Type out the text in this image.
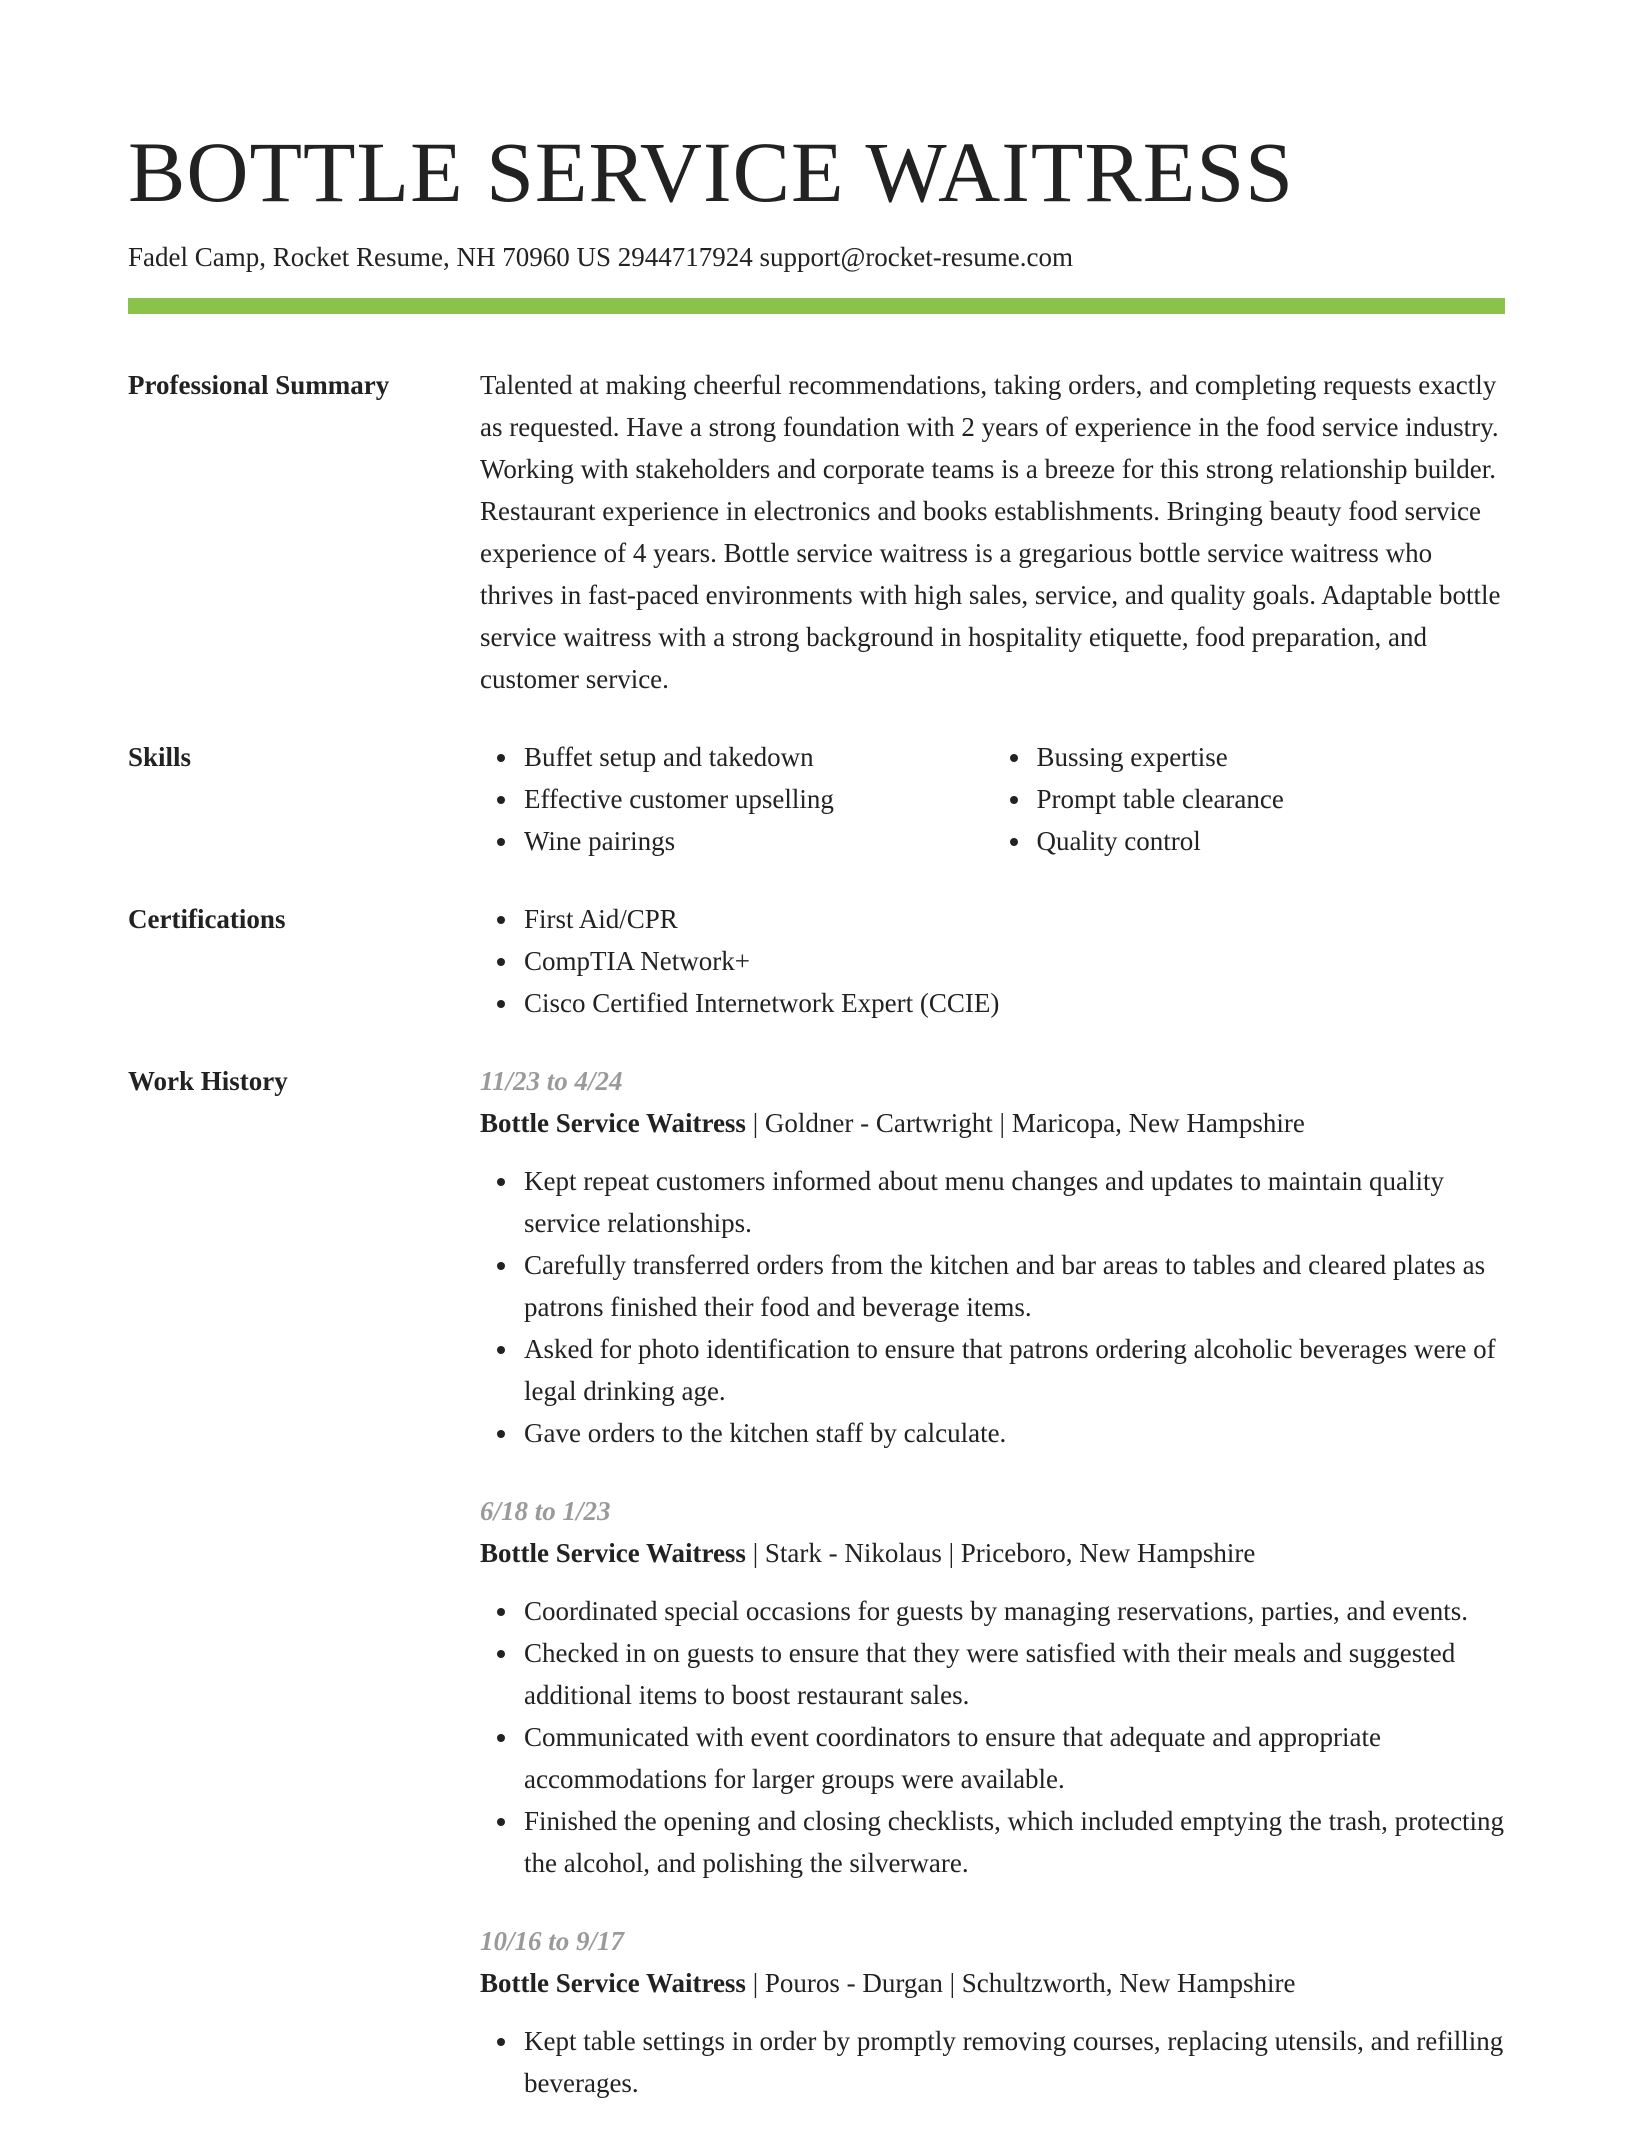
BOTTLE SERVICE WAITRESS
Fadel Camp, Rocket Resume, NH 70960 US 2944717924 support@rocket-resume.com
Professional Summary	Talented at making cheerful recommendations, taking orders, and completing requests exactly as requested. Have a strong foundation with 2 years of experience in the food service industry. Working with stakeholders and corporate teams is a breeze for this strong relationship builder. Restaurant experience in electronics and books establishments. Bringing beauty food service experience of 4 years. Bottle service waitress is a gregarious bottle service waitress who thrives in fast-paced environments with high sales, service, and quality goals. Adaptable bottle service waitress with a strong background in hospitality etiquette, food preparation, and customer service.

Skills	Buffet setup and takedown
Effective customer upselling
Wine pairings
Bussing expertise
Prompt table clearance
Quality control
Certifications	First Aid/CPR
CompTIA Network+
Cisco Certified Internetwork Expert (CCIE)
Work History	11/23 to 4/24
Bottle Service Waitress | Goldner - Cartwright | Maricopa, New Hampshire
Kept repeat customers informed about menu changes and updates to maintain quality service relationships.
Carefully transferred orders from the kitchen and bar areas to tables and cleared plates as patrons finished their food and beverage items.
Asked for photo identification to ensure that patrons ordering alcoholic beverages were of legal drinking age.
Gave orders to the kitchen staff by calculate.
6/18 to 1/23
Bottle Service Waitress | Stark - Nikolaus | Priceboro, New Hampshire
Coordinated special occasions for guests by managing reservations, parties, and events.
Checked in on guests to ensure that they were satisfied with their meals and suggested additional items to boost restaurant sales.
Communicated with event coordinators to ensure that adequate and appropriate accommodations for larger groups were available.
Finished the opening and closing checklists, which included emptying the trash, protecting the alcohol, and polishing the silverware.
10/16 to 9/17
Bottle Service Waitress | Pouros - Durgan | Schultzworth, New Hampshire
Kept table settings in order by promptly removing courses, replacing utensils, and refilling beverages.
